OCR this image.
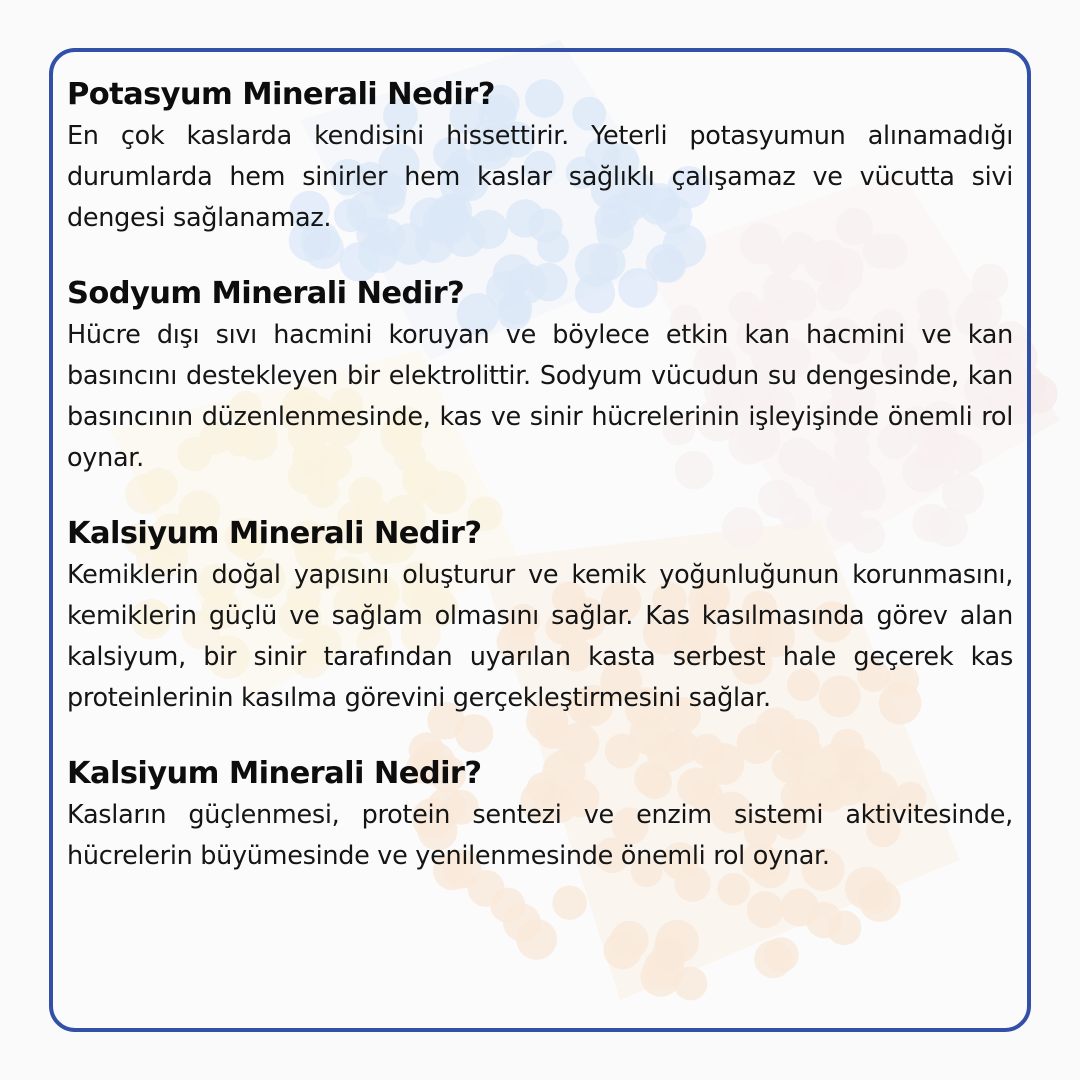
Potasyum Minerali Nedir?
En çok kaslarda kendisini hissettirir. Yeterli potasyumun alınamadığı durumlarda hem sinirler hem kaslar sağlıklı çalışamaz ve vücutta sivi dengesi sağlanamaz.
Sodyum Minerali Nedir?
Hücre dışı sıvı hacmini koruyan ve böylece etkin kan hacmini ve kan basıncını destekleyen bir elektrolittir. Sodyum vücudun su dengesinde, kan basıncının düzenlenmesinde, kas ve sinir hücrelerinin işleyişinde önemli rol oynar.
Kalsiyum Minerali Nedir?
Kemiklerin doğal yapısını oluşturur ve kemik yoğunluğunun korunmasını, kemiklerin güçlü ve sağlam olmasını sağlar. Kas kasılmasında görev alan kalsiyum, bir sinir tarafından uyarılan kasta serbest hale geçerek kas proteinlerinin kasılma görevini gerçekleştirmesini sağlar.
Kalsiyum Minerali Nedir?
Kasların güçlenmesi, protein sentezi ve enzim sistemi aktivitesinde, hücrelerin büyümesinde ve yenilenmesinde önemli rol oynar.
